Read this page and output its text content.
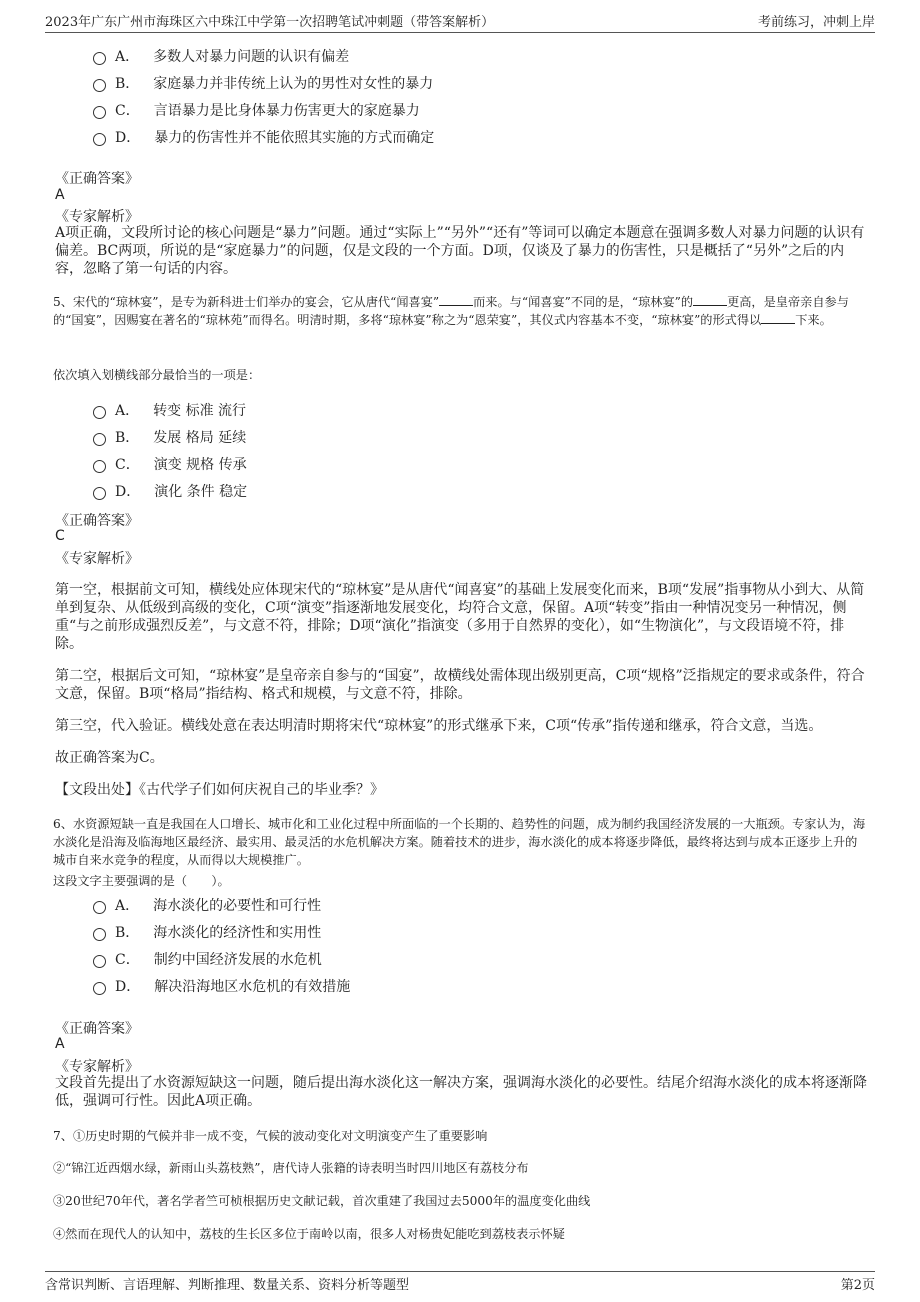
2023年广东广州市海珠区六中珠江中学第一次招聘笔试冲刺题（带答案解析）	考前练习，冲刺上岸
A． 多数人对暴力问题的认识有偏差
B． 家庭暴力并非传统上认为的男性对女性的暴力
C． 言语暴力是比身体暴力伤害更大的家庭暴力
D． 暴力的伤害性并不能依照其实施的方式而确定
《正确答案》
A
《专家解析》
A项正确，文段所讨论的核心问题是“暴力”问题。通过“实际上”“另外”“还有”等词可以确定本题意在强调多数人对暴力问题的认识有偏差。BC两项，所说的是“家庭暴力”的问题，仅是文段的一个方面。D项，仅谈及了暴力的伤害性，只是概括了“另外”之后的内容，忽略了第一句话的内容。
5、宋代的“琼林宴”，是专为新科进士们举办的宴会，它从唐代“闻喜宴”	而来。与“闻喜宴”不同的是，“琼林宴”的	更高，是皇帝亲自参与的“国宴”，因赐宴在著名的“琼林苑”而得名。明清时期，多将“琼林宴”称之为“恩荣宴”，其仪式内容基本不变，“琼林宴”的形式得以	下来。
依次填入划横线部分最恰当的一项是：
A． 转变 标准 流行
B． 发展 格局 延续
C． 演变 规格 传承
D． 演化 条件 稳定
《正确答案》
C
《专家解析》
第一空，根据前文可知，横线处应体现宋代的“琼林宴”是从唐代“闻喜宴”的基础上发展变化而来，B项“发展”指事物从小到大、从简单到复杂、从低级到高级的变化，C项“演变”指逐渐地发展变化，均符合文意，保留。A项“转变”指由一种情况变另一种情况，侧重“与之前形成强烈反差”，与文意不符，排除；D项“演化”指演变（多用于自然界的变化），如“生物演化”，与文段语境不符，排除。
第二空，根据后文可知，“琼林宴”是皇帝亲自参与的“国宴”，故横线处需体现出级别更高，C项“规格”泛指规定的要求或条件，符合文意，保留。B项“格局”指结构、格式和规模，与文意不符，排除。
第三空，代入验证。横线处意在表达明清时期将宋代“琼林宴”的形式继承下来，C项“传承”指传递和继承，符合文意，当选。
故正确答案为C。
【文段出处】《古代学子们如何庆祝自己的毕业季？》
6、水资源短缺一直是我国在人口增长、城市化和工业化过程中所面临的一个长期的、趋势性的问题，成为制约我国经济发展的一大瓶颈。专家认为，海水淡化是沿海及临海地区最经济、最实用、最灵活的水危机解决方案。随着技术的进步，海水淡化的成本将逐步降低，最终将达到与成本正逐步上升的城市自来水竞争的程度，从而得以大规模推广。
这段文字主要强调的是（　　）。
A． 海水淡化的必要性和可行性
B． 海水淡化的经济性和实用性
C． 制约中国经济发展的水危机
D． 解决沿海地区水危机的有效措施
《正确答案》
A
《专家解析》
文段首先提出了水资源短缺这一问题，随后提出海水淡化这一解决方案，强调海水淡化的必要性。结尾介绍海水淡化的成本将逐渐降低，强调可行性。因此A项正确。
7、①历史时期的气候并非一成不变，气候的波动变化对文明演变产生了重要影响
②“锦江近西烟水绿，新雨山头荔枝熟”，唐代诗人张籍的诗表明当时四川地区有荔枝分布
③20世纪70年代，著名学者竺可桢根据历史文献记载，首次重建了我国过去5000年的温度变化曲线
④然而在现代人的认知中，荔枝的生长区多位于南岭以南，很多人对杨贵妃能吃到荔枝表示怀疑
含常识判断、言语理解、判断推理、数量关系、资料分析等题型	第2页
